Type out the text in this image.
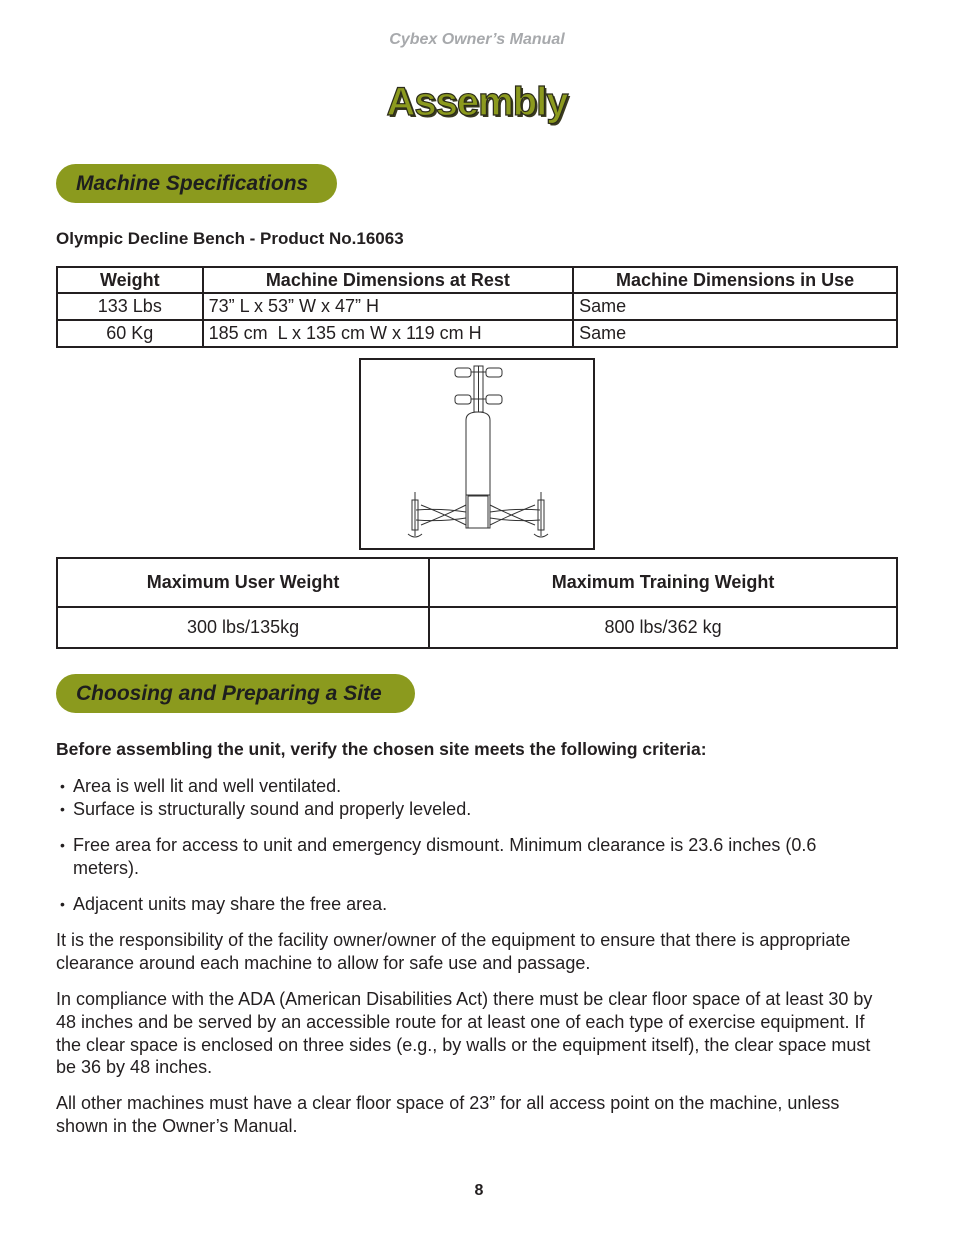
Cybex Owner’s Manual
Assembly
Machine Specifications
Olympic Decline Bench - Product No.16063
Weight	Machine Dimensions at Rest	Machine Dimensions in Use
133 Lbs	73” L x 53” W x 47” H	Same
60 Kg	185 cm  L x 135 cm W x 119 cm H	Same
Maximum User Weight	Maximum Training Weight
300 lbs/135kg	800 lbs/362 kg
Choosing and Preparing a Site
Before assembling the unit, verify the chosen site meets the following criteria:
• Area is well lit and well ventilated.
• Surface is structurally sound and properly leveled.
• Free area for access to unit and emergency dismount. Minimum clearance is 23.6 inches (0.6 meters).
• Adjacent units may share the free area.
It is the responsibility of the facility owner/owner of the equipment to ensure that there is appropriate clearance around each machine to allow for safe use and passage.
In compliance with the ADA (American Disabilities Act) there must be clear floor space of at least 30 by 48 inches and be served by an accessible route for at least one of each type of exercise equipment. If the clear space is enclosed on three sides (e.g., by walls or the equipment itself), the clear space must be 36 by 48 inches.
All other machines must have a clear floor space of 23” for all access point on the machine, unless shown in the Owner’s Manual.
8
